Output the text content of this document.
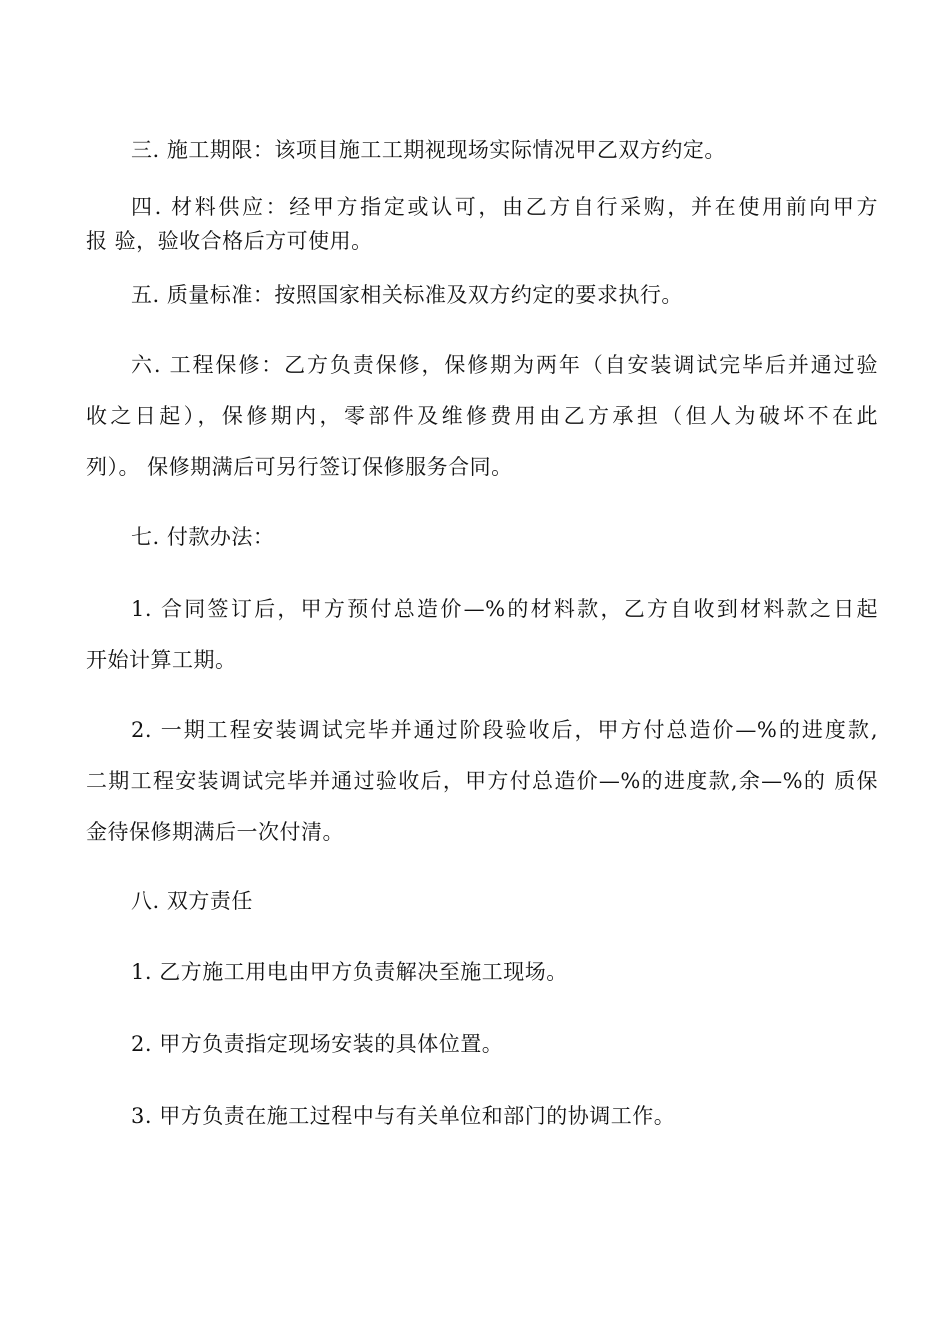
三. 施工期限：该项目施工工期视现场实际情况甲乙双方约定。
四. 材料供应：经甲方指定或认可，由乙方自行采购，并在使用前向甲方
报 验，验收合格后方可使用。
五. 质量标准：按照国家相关标准及双方约定的要求执行。
六. 工程保修：乙方负责保修，保修期为两年（自安装调试完毕后并通过验
收之日起），保修期内，零部件及维修费用由乙方承担（但人为破坏不在此
列）。 保修期满后可另行签订保修服务合同。
七. 付款办法：
1. 合同签订后，甲方预付总造价—%的材料款，乙方自收到材料款之日起
开始计算工期。
2. 一期工程安装调试完毕并通过阶段验收后，甲方付总造价—%的进度款,
二期工程安装调试完毕并通过验收后，甲方付总造价—%的进度款,余—%的 质保
金待保修期满后一次付清。
八. 双方责任
1. 乙方施工用电由甲方负责解决至施工现场。
2. 甲方负责指定现场安装的具体位置。
3. 甲方负责在施工过程中与有关单位和部门的协调工作。
